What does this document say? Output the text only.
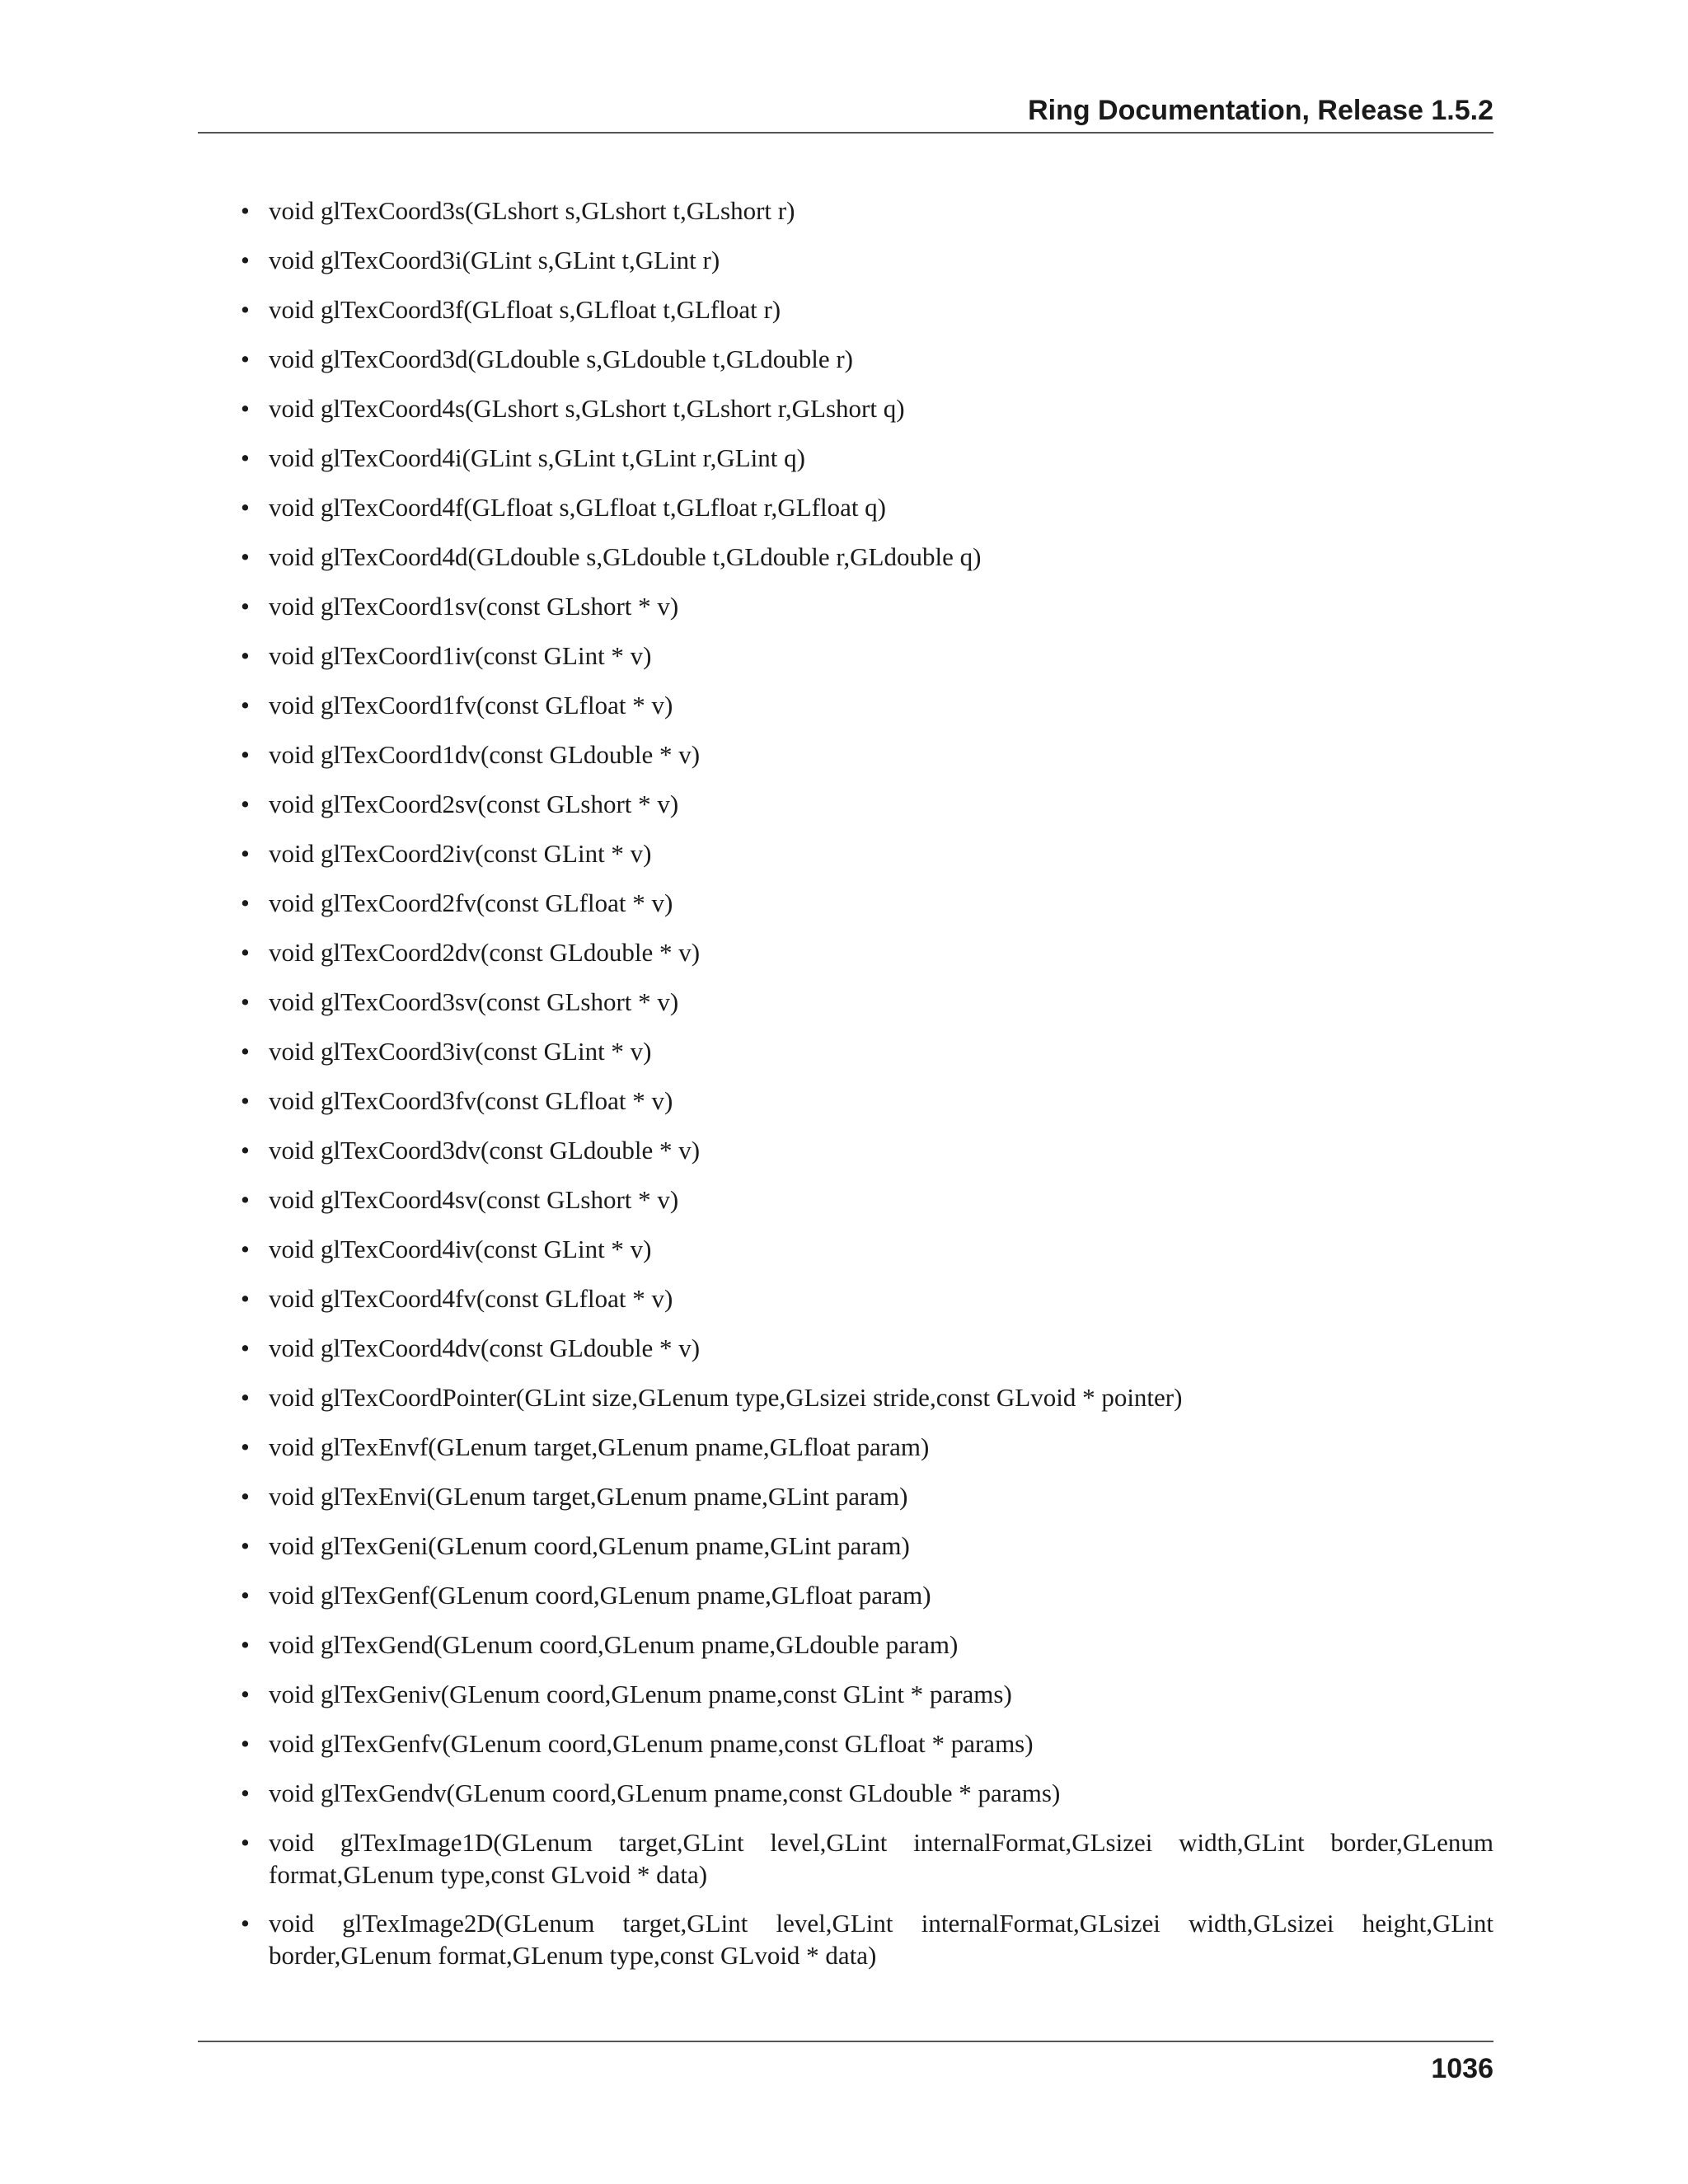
Ring Documentation, Release 1.5.2
• void glTexCoord3s(GLshort s,GLshort t,GLshort r)
• void glTexCoord3i(GLint s,GLint t,GLint r)
• void glTexCoord3f(GLfloat s,GLfloat t,GLfloat r)
• void glTexCoord3d(GLdouble s,GLdouble t,GLdouble r)
• void glTexCoord4s(GLshort s,GLshort t,GLshort r,GLshort q)
• void glTexCoord4i(GLint s,GLint t,GLint r,GLint q)
• void glTexCoord4f(GLfloat s,GLfloat t,GLfloat r,GLfloat q)
• void glTexCoord4d(GLdouble s,GLdouble t,GLdouble r,GLdouble q)
• void glTexCoord1sv(const GLshort * v)
• void glTexCoord1iv(const GLint * v)
• void glTexCoord1fv(const GLfloat * v)
• void glTexCoord1dv(const GLdouble * v)
• void glTexCoord2sv(const GLshort * v)
• void glTexCoord2iv(const GLint * v)
• void glTexCoord2fv(const GLfloat * v)
• void glTexCoord2dv(const GLdouble * v)
• void glTexCoord3sv(const GLshort * v)
• void glTexCoord3iv(const GLint * v)
• void glTexCoord3fv(const GLfloat * v)
• void glTexCoord3dv(const GLdouble * v)
• void glTexCoord4sv(const GLshort * v)
• void glTexCoord4iv(const GLint * v)
• void glTexCoord4fv(const GLfloat * v)
• void glTexCoord4dv(const GLdouble * v)
• void glTexCoordPointer(GLint size,GLenum type,GLsizei stride,const GLvoid * pointer)
• void glTexEnvf(GLenum target,GLenum pname,GLfloat param)
• void glTexEnvi(GLenum target,GLenum pname,GLint param)
• void glTexGeni(GLenum coord,GLenum pname,GLint param)
• void glTexGenf(GLenum coord,GLenum pname,GLfloat param)
• void glTexGend(GLenum coord,GLenum pname,GLdouble param)
• void glTexGeniv(GLenum coord,GLenum pname,const GLint * params)
• void glTexGenfv(GLenum coord,GLenum pname,const GLfloat * params)
• void glTexGendv(GLenum coord,GLenum pname,const GLdouble * params)
• void glTexImage1D(GLenum target,GLint level,GLint internalFormat,GLsizei width,GLint border,GLenum format,GLenum type,const GLvoid * data)
• void glTexImage2D(GLenum target,GLint level,GLint internalFormat,GLsizei width,GLsizei height,GLint border,GLenum format,GLenum type,const GLvoid * data)
1036
